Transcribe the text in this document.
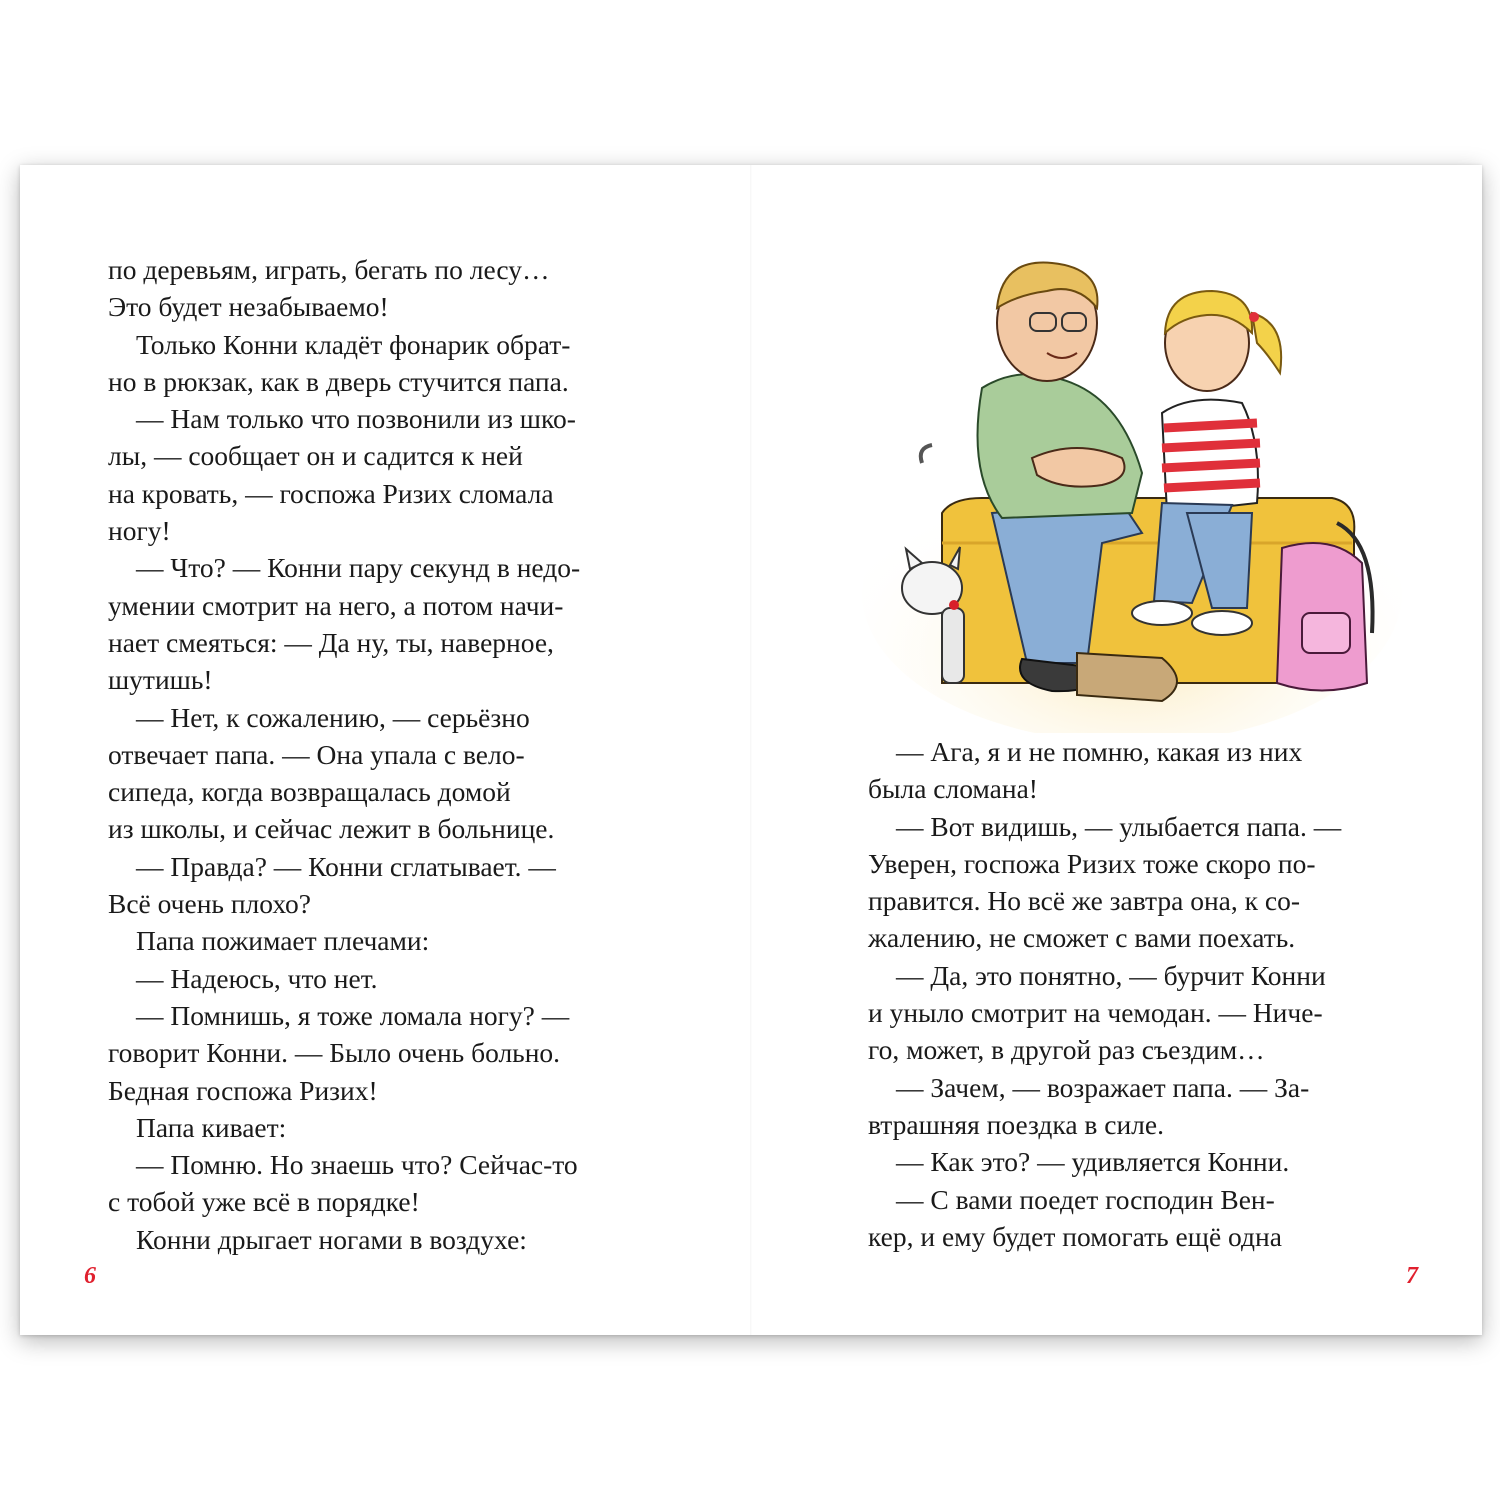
по деревьям, играть, бегать по лесу…
Это будет незабываемо!
Только Конни кладёт фонарик обрат-
но в рюкзак, как в дверь стучится папа.
— Нам только что позвонили из шко-
лы, — сообщает он и садится к ней
на кровать, — госпожа Ризих сломала
ногу!
— Что? — Конни пару секунд в недо-
умении смотрит на него, а потом начи-
нает смеяться: — Да ну, ты, наверное,
шутишь!
— Нет, к сожалению, — серьёзно
отвечает папа. — Она упала с вело-
сипеда, когда возвращалась домой
из школы, и сейчас лежит в больнице.
— Правда? — Конни сглатывает. —
Всё очень плохо?
Папа пожимает плечами:
— Надеюсь, что нет.
— Помнишь, я тоже ломала ногу? —
говорит Конни. — Было очень больно.
Бедная госпожа Ризих!
Папа кивает:
— Помню. Но знаешь что? Сейчас-то
с тобой уже всё в порядке!
Конни дрыгает ногами в воздухе:
6
— Ага, я и не помню, какая из них
была сломана!
— Вот видишь, — улыбается папа. —
Уверен, госпожа Ризих тоже скоро по-
правится. Но всё же завтра она, к со-
жалению, не сможет с вами поехать.
— Да, это понятно, — бурчит Конни
и уныло смотрит на чемодан. — Ниче-
го, может, в другой раз съездим…
— Зачем, — возражает папа. — За-
втрашняя поездка в силе.
— Как это? — удивляется Конни.
— С вами поедет господин Вен-
кер, и ему будет помогать ещё одна
7
